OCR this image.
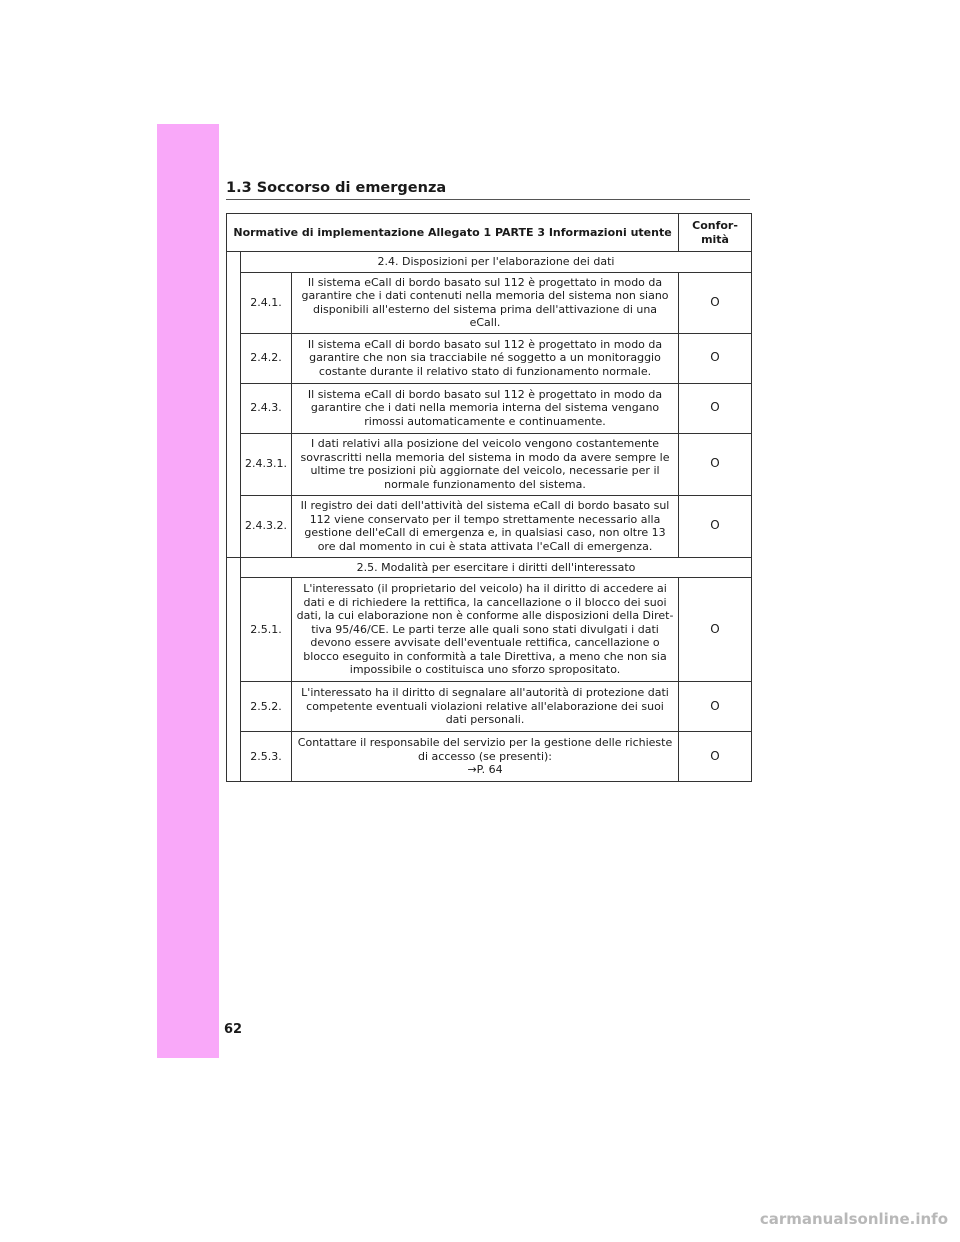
1.3 Soccorso di emergenza
Normative di implementazione Allegato 1 PARTE 3 Informazioni utente			Confor-
mità
	2.4. Disposizioni per l'elaborazione dei dati		
	2.4.1.	Il sistema eCall di bordo basato sul 112 è progettato in modo da garantire che i dati contenuti nella memoria del sistema non siano disponibili all'esterno del sistema prima dell'attivazione di una eCall.	O
	2.4.2.	Il sistema eCall di bordo basato sul 112 è progettato in modo da garantire che non sia tracciabile né soggetto a un monitoraggio costante durante il relativo stato di funzionamento normale.	O
	2.4.3.	Il sistema eCall di bordo basato sul 112 è progettato in modo da garantire che i dati nella memoria interna del sistema vengano rimossi automaticamente e continuamente.	O
	2.4.3.1.	I dati relativi alla posizione del veicolo vengono costantemente sovrascritti nella memoria del sistema in modo da avere sempre le ultime tre posizioni più aggiornate del veicolo, necessarie per il normale funzionamento del sistema.	O
	2.4.3.2.	Il registro dei dati dell'attività del sistema eCall di bordo basato sul 112 viene conservato per il tempo strettamente necessario alla gestione dell'eCall di emergenza e, in qualsiasi caso, non oltre 13 ore dal momento in cui è stata attivata l'eCall di emergenza.	O
	2.5. Modalità per esercitare i diritti dell'interessato		
	2.5.1.	L'interessato (il proprietario del veicolo) ha il diritto di accedere ai dati e di richiedere la rettifica, la cancellazione o il blocco dei suoi dati, la cui elaborazione non è conforme alle disposizioni della Diret-tiva 95/46/CE. Le parti terze alle quali sono stati divulgati i dati devono essere avvisate dell'eventuale rettifica, cancellazione o blocco eseguito in conformità a tale Direttiva, a meno che non sia impossibile o costituisca uno sforzo spropositato.	O
	2.5.2.	L'interessato ha il diritto di segnalare all'autorità di protezione dati competente eventuali violazioni relative all'elaborazione dei suoi dati personali.	O
	2.5.3.	Contattare il responsabile del servizio per la gestione delle richieste di accesso (se presenti):
→P. 64	O
62
carmanualsonline.info
